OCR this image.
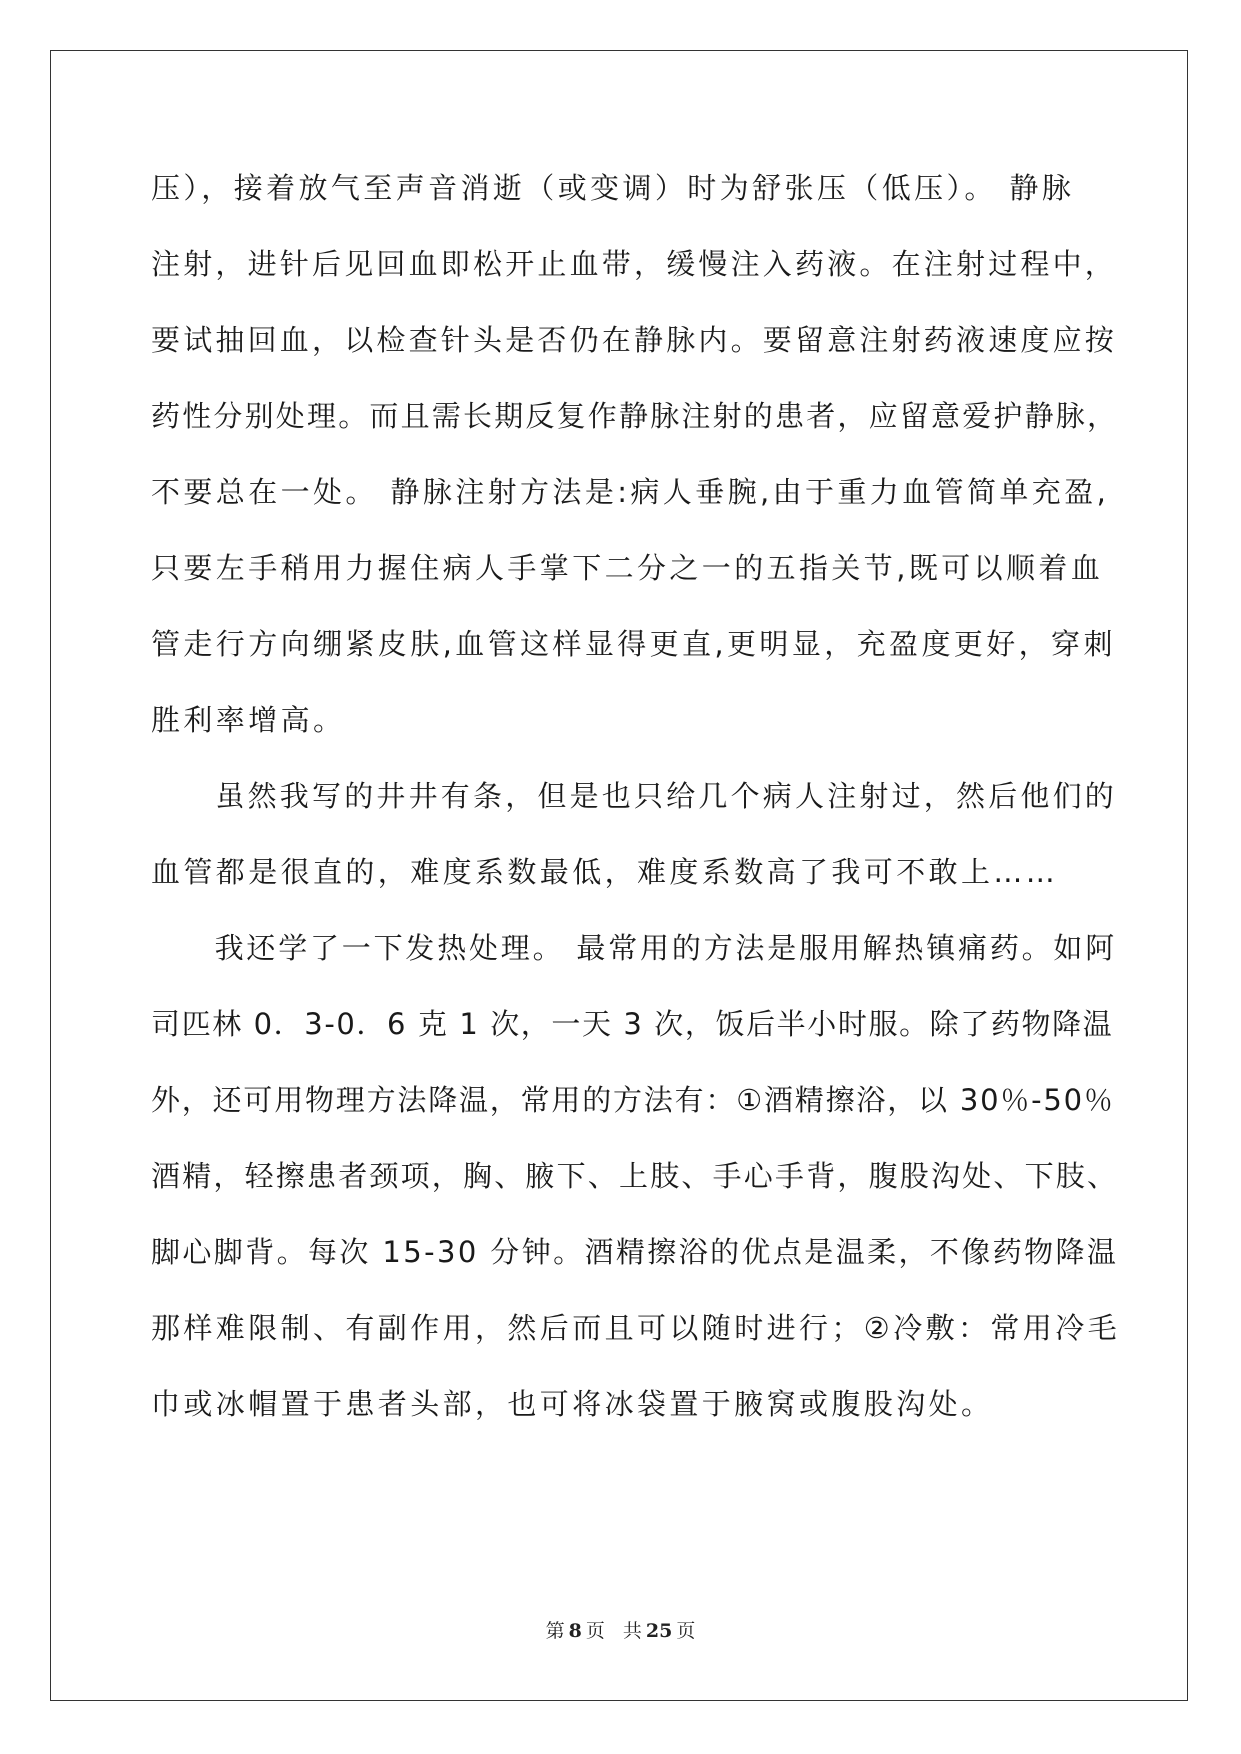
压），接着放气至声音消逝（或变调）时为舒张压（低压）。 静脉
注射，进针后见回血即松开止血带，缓慢注入药液。在注射过程中，
要试抽回血，以检查针头是否仍在静脉内。要留意注射药液速度应按
药性分别处理。而且需长期反复作静脉注射的患者，应留意爱护静脉，
不要总在一处。 静脉注射方法是:病人垂腕,由于重力血管简单充盈,
只要左手稍用力握住病人手掌下二分之一的五指关节,既可以顺着血
管走行方向绷紧皮肤,血管这样显得更直,更明显，充盈度更好，穿刺
胜利率增高。
　　虽然我写的井井有条，但是也只给几个病人注射过，然后他们的
血管都是很直的，难度系数最低，难度系数高了我可不敢上……
　　我还学了一下发热处理。 最常用的方法是服用解热镇痛药。如阿
司匹林 0．3-0．6 克 1 次，一天 3 次，饭后半小时服。除了药物降温
外，还可用物理方法降温，常用的方法有：①酒精擦浴，以 30％-50％
酒精，轻擦患者颈项，胸、腋下、上肢、手心手背，腹股沟处、下肢、
脚心脚背。每次 15-30 分钟。酒精擦浴的优点是温柔，不像药物降温
那样难限制、有副作用，然后而且可以随时进行；②冷敷：常用冷毛
巾或冰帽置于患者头部，也可将冰袋置于腋窝或腹股沟处。
第 8 页 共 25 页
